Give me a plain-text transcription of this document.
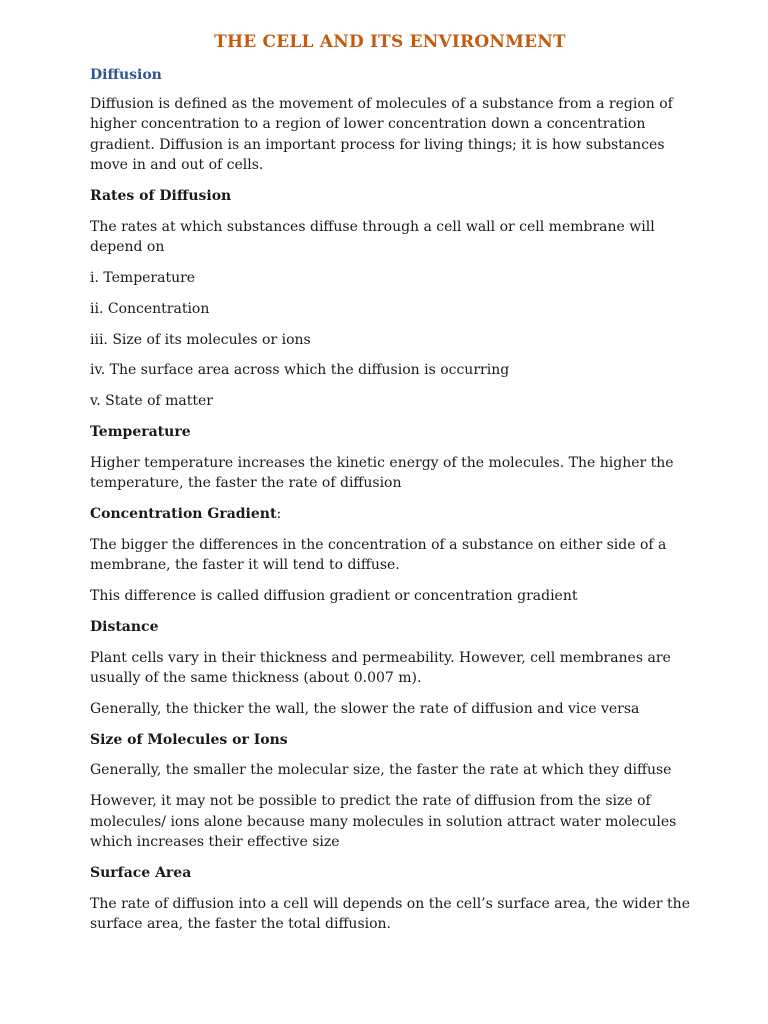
THE CELL AND ITS ENVIRONMENT
Diffusion

Diffusion is defined as the movement of molecules of a substance from a region of higher concentration to a region of lower concentration down a concentration gradient. Diffusion is an important process for living things; it is how substances move in and out of cells.

Rates of Diffusion

The rates at which substances diffuse through a cell wall or cell membrane will depend on

i. Temperature

ii. Concentration

iii. Size of its molecules or ions

iv. The surface area across which the diffusion is occurring

v. State of matter

Temperature

Higher temperature increases the kinetic energy of the molecules. The higher the temperature, the faster the rate of diffusion

Concentration Gradient:

The bigger the differences in the concentration of a substance on either side of a membrane, the faster it will tend to diffuse.

This difference is called diffusion gradient or concentration gradient

Distance

Plant cells vary in their thickness and permeability. However, cell membranes are usually of the same thickness (about 0.007 m).

Generally, the thicker the wall, the slower the rate of diffusion and vice versa

Size of Molecules or Ions

Generally, the smaller the molecular size, the faster the rate at which they diffuse

However, it may not be possible to predict the rate of diffusion from the size of molecules/ ions alone because many molecules in solution attract water molecules which increases their effective size

Surface Area

The rate of diffusion into a cell will depends on the cell’s surface area, the wider the surface area, the faster the total diffusion.
